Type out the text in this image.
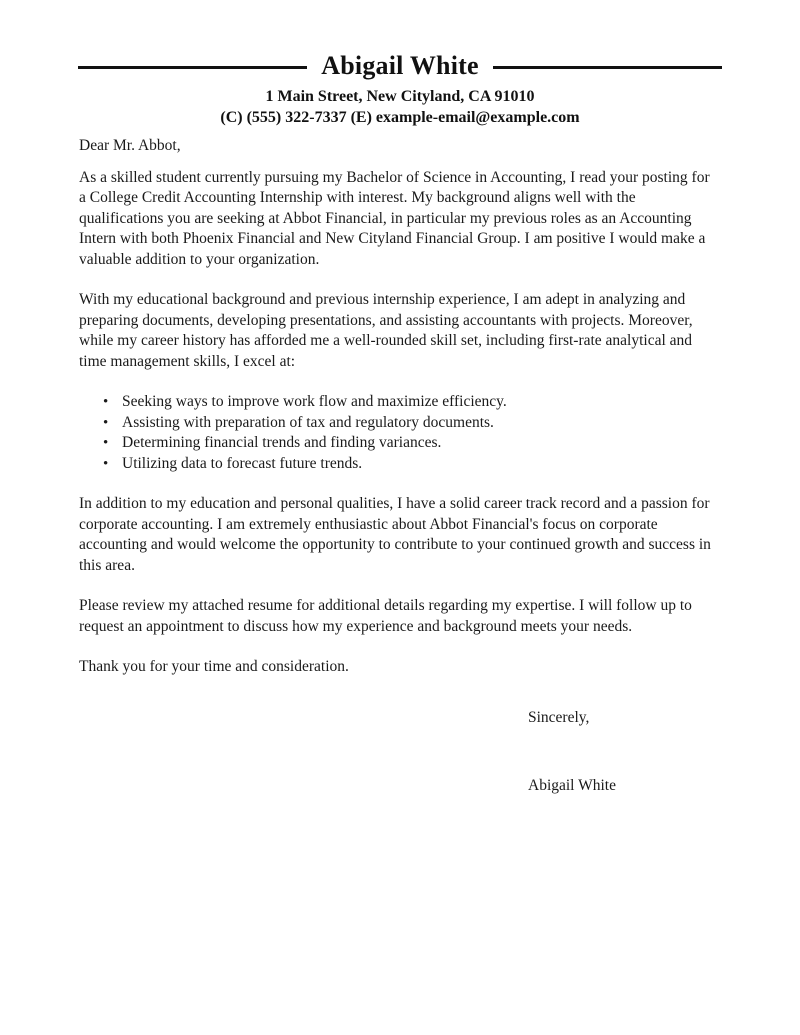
Abigail White
1 Main Street, New Cityland, CA 91010
(C) (555) 322-7337 (E) example-email@example.com

Dear Mr. Abbot,

As a skilled student currently pursuing my Bachelor of Science in Accounting, I read your posting for a College Credit Accounting Internship with interest. My background aligns well with the qualifications you are seeking at Abbot Financial, in particular my previous roles as an Accounting Intern with both Phoenix Financial and New Cityland Financial Group. I am positive I would make a valuable addition to your organization.

With my educational background and previous internship experience, I am adept in analyzing and preparing documents, developing presentations, and assisting accountants with projects. Moreover, while my career history has afforded me a well-rounded skill set, including first-rate analytical and time management skills, I excel at:

• Seeking ways to improve work flow and maximize efficiency.
• Assisting with preparation of tax and regulatory documents.
• Determining financial trends and finding variances.
• Utilizing data to forecast future trends.

In addition to my education and personal qualities, I have a solid career track record and a passion for corporate accounting. I am extremely enthusiastic about Abbot Financial's focus on corporate accounting and would welcome the opportunity to contribute to your continued growth and success in this area.

Please review my attached resume for additional details regarding my expertise. I will follow up to request an appointment to discuss how my experience and background meets your needs.

Thank you for your time and consideration.

Sincerely,

Abigail White
